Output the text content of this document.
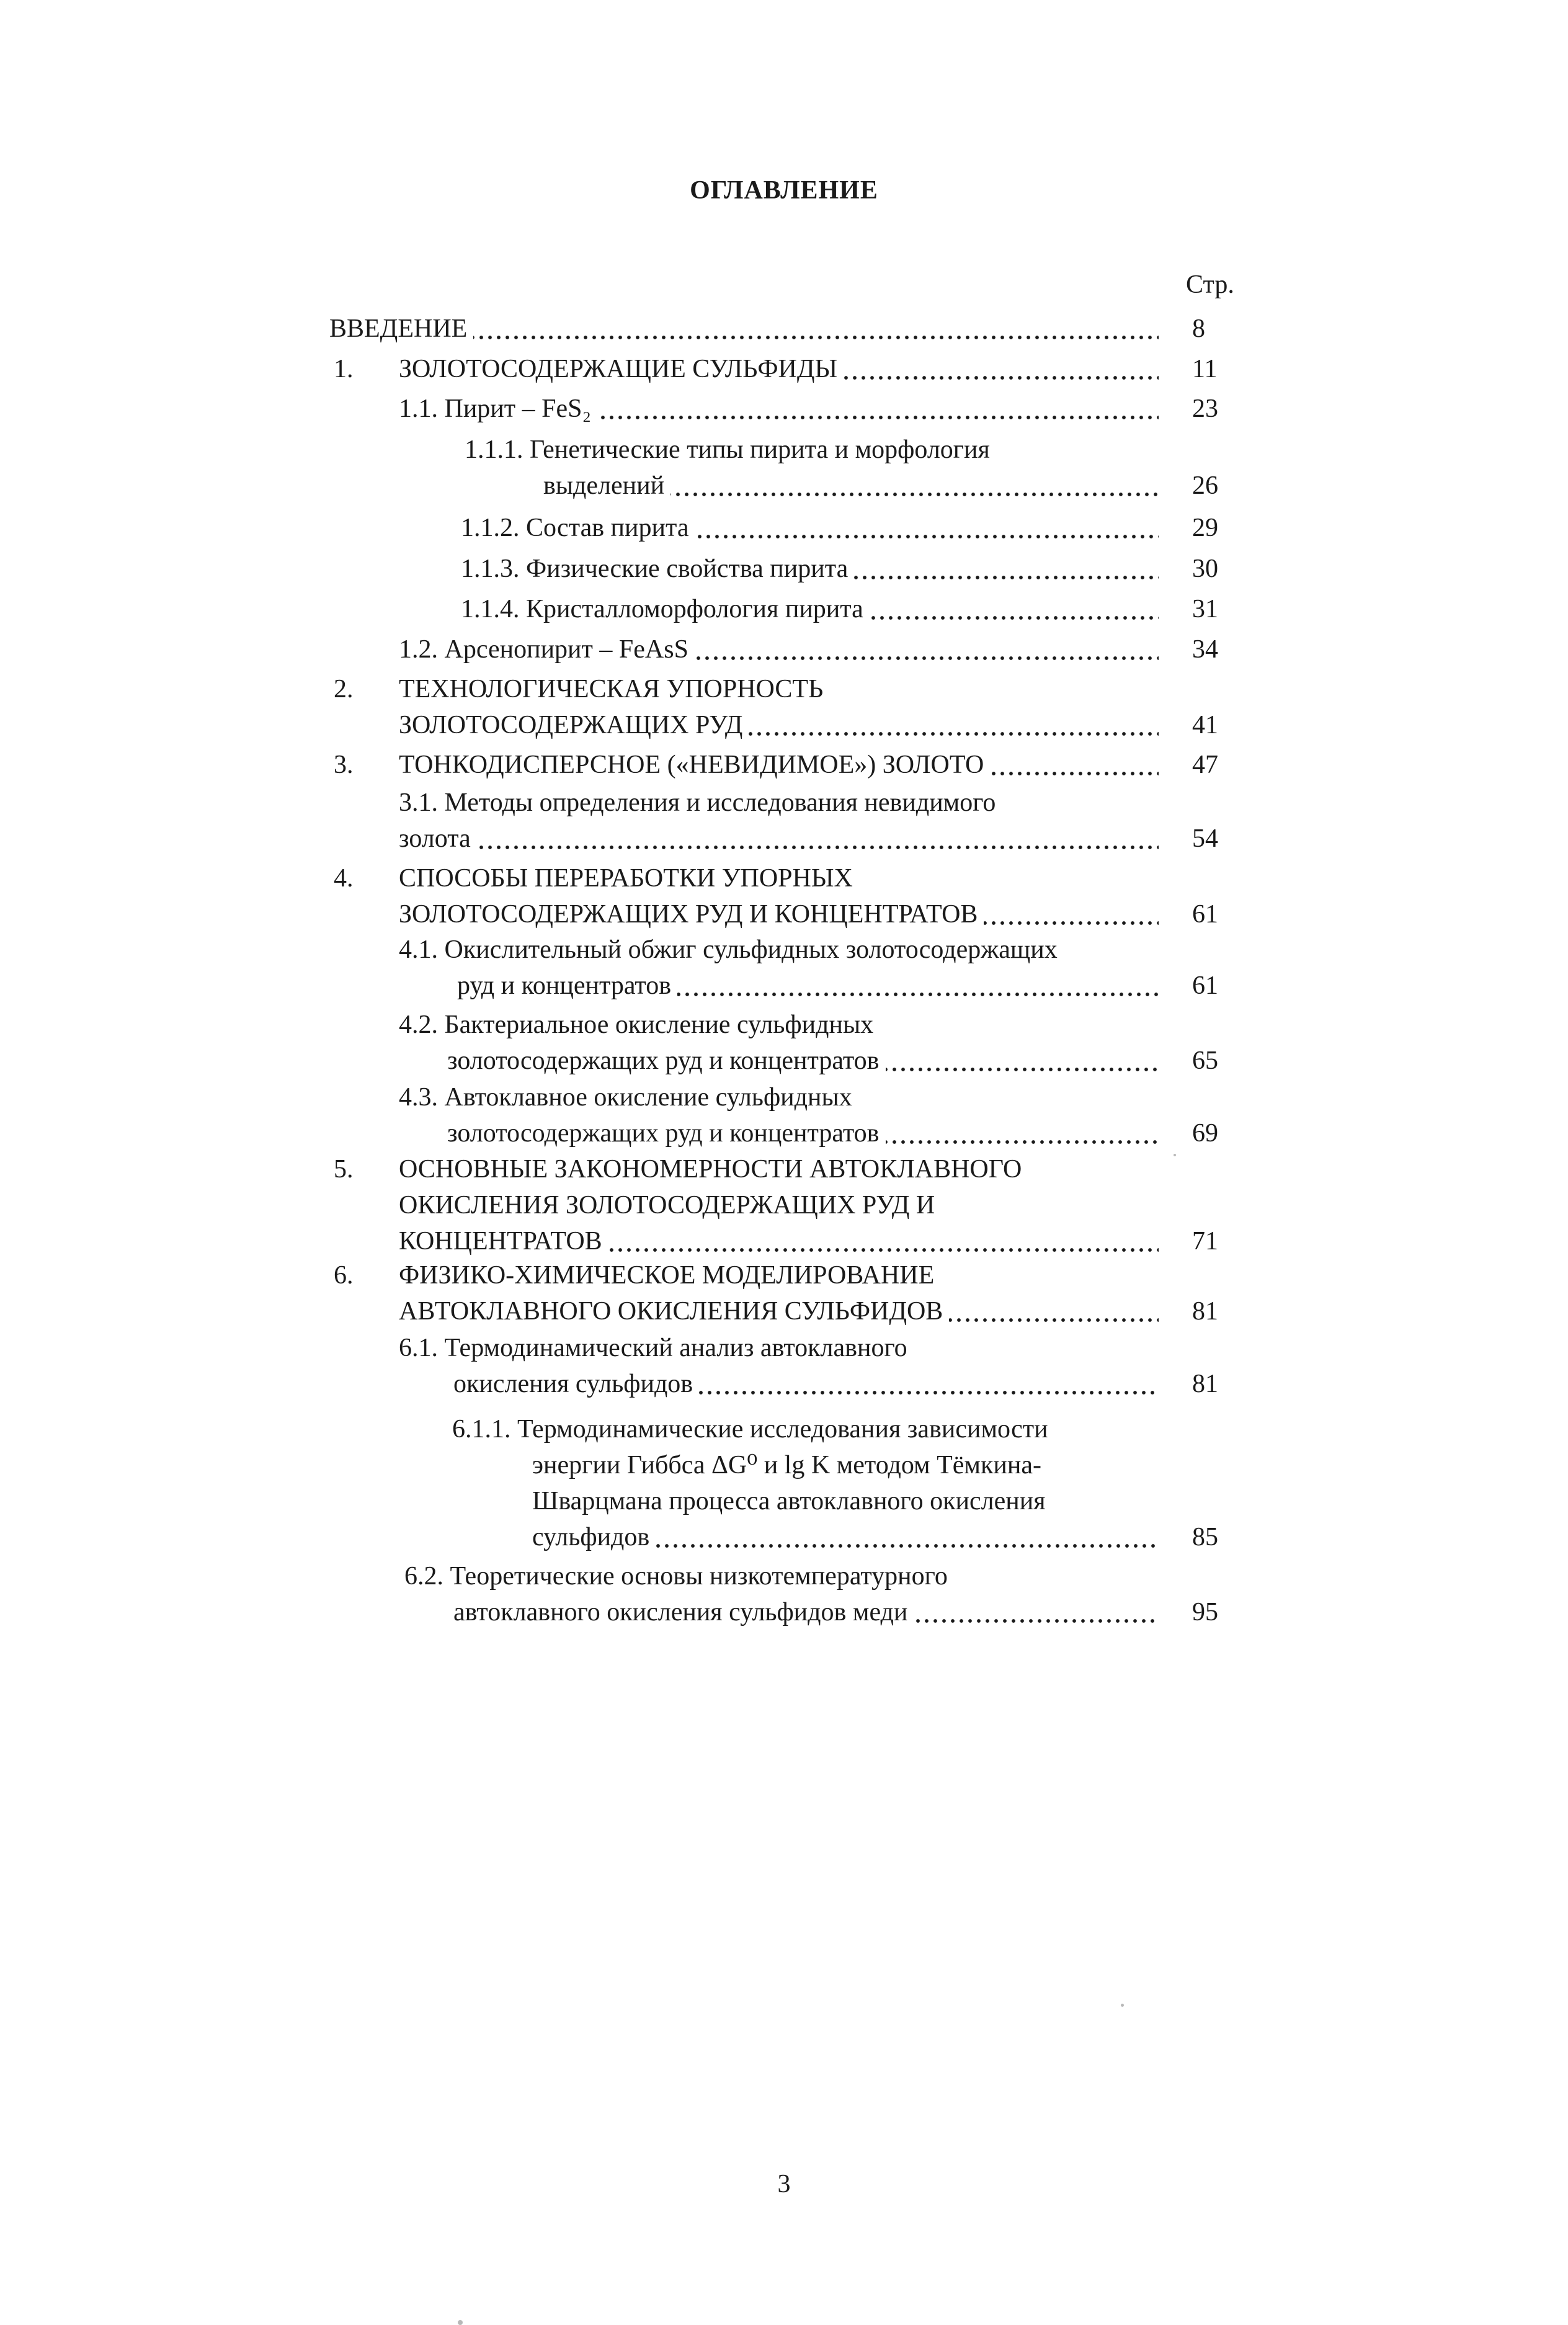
ОГЛАВЛЕНИЕ
Стр.
ВВЕДЕНИЕ	8
1. ЗОЛОТОСОДЕРЖАЩИЕ СУЛЬФИДЫ	11
1.1. Пирит – FeS₂	23
1.1.1. Генетические типы пирита и морфология
выделений	26
1.1.2. Состав пирита	29
1.1.3. Физические свойства пирита	30
1.1.4. Кристалломорфология пирита	31
1.2. Арсенопирит – FeAsS	34
2. ТЕХНОЛОГИЧЕСКАЯ УПОРНОСТЬ
ЗОЛОТОСОДЕРЖАЩИХ РУД	41
3. ТОНКОДИСПЕРСНОЕ («НЕВИДИМОЕ») ЗОЛОТО	47
3.1. Методы определения и исследования невидимого
золота	54
4. СПОСОБЫ ПЕРЕРАБОТКИ УПОРНЫХ
ЗОЛОТОСОДЕРЖАЩИХ РУД И КОНЦЕНТРАТОВ	61
4.1. Окислительный обжиг сульфидных золотосодержащих
руд и концентратов	61
4.2. Бактериальное окисление сульфидных
золотосодержащих руд и концентратов	65
4.3. Автоклавное окисление сульфидных
золотосодержащих руд и концентратов	69
5. ОСНОВНЫЕ ЗАКОНОМЕРНОСТИ АВТОКЛАВНОГО
ОКИСЛЕНИЯ ЗОЛОТОСОДЕРЖАЩИХ РУД И
КОНЦЕНТРАТОВ	71
6. ФИЗИКО-ХИМИЧЕСКОЕ МОДЕЛИРОВАНИЕ
АВТОКЛАВНОГО ОКИСЛЕНИЯ СУЛЬФИДОВ	81
6.1. Термодинамический анализ автоклавного
окисления сульфидов	81
6.1.1. Термодинамические исследования зависимости
энергии Гиббса ΔG⁰ и lg K методом Тёмкина-
Шварцмана процесса автоклавного окисления
сульфидов	85
6.2. Теоретические основы низкотемпературного
автоклавного окисления сульфидов меди	95
3
